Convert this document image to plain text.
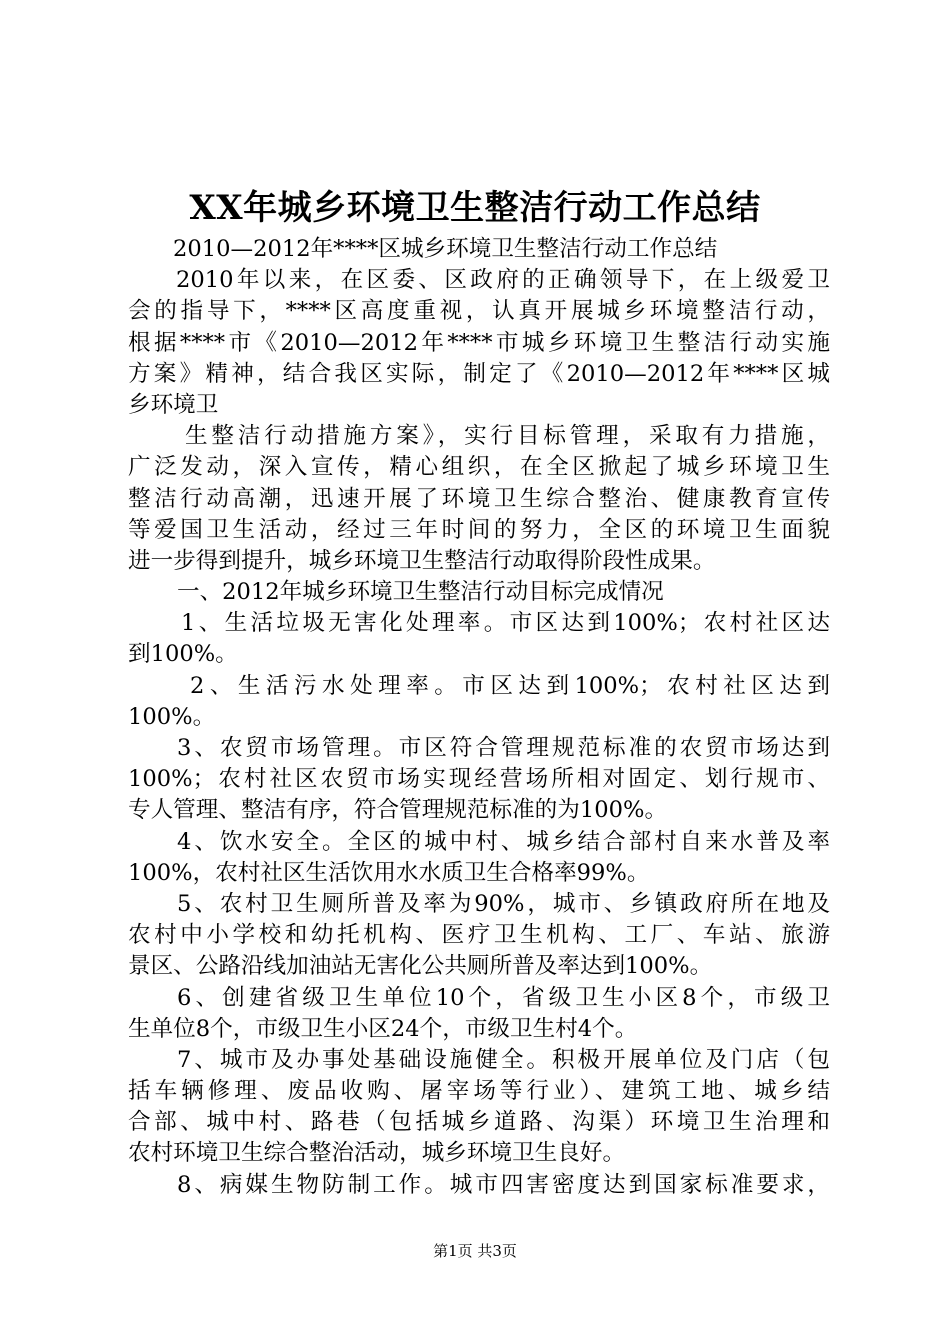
XX年城乡环境卫生整洁行动工作总结
2010—2012年****区城乡环境卫生整洁行动工作总结
2010年以来，在区委、区政府的正确领导下，在上级爱卫
会的指导下，****区高度重视，认真开展城乡环境整洁行动，
根据****市《2010—2012年****市城乡环境卫生整洁行动实施
方案》精神，结合我区实际，制定了《2010—2012年****区城
乡环境卫
生整洁行动措施方案》，实行目标管理，采取有力措施，
广泛发动，深入宣传，精心组织，在全区掀起了城乡环境卫生
整洁行动高潮，迅速开展了环境卫生综合整治、健康教育宣传
等爱国卫生活动，经过三年时间的努力，全区的环境卫生面貌
进一步得到提升，城乡环境卫生整洁行动取得阶段性成果。
一、2012年城乡环境卫生整洁行动目标完成情况
1、生活垃圾无害化处理率。市区达到100%；农村社区达
到100%。
2、生活污水处理率。市区达到100%；农村社区达到
100%。
3、农贸市场管理。市区符合管理规范标准的农贸市场达到
100%；农村社区农贸市场实现经营场所相对固定、划行规市、
专人管理、整洁有序，符合管理规范标准的为100%。
4、饮水安全。全区的城中村、城乡结合部村自来水普及率
100%，农村社区生活饮用水水质卫生合格率99%。
5、农村卫生厕所普及率为90%，城市、乡镇政府所在地及
农村中小学校和幼托机构、医疗卫生机构、工厂、车站、旅游
景区、公路沿线加油站无害化公共厕所普及率达到100%。
6、创建省级卫生单位10个，省级卫生小区8个，市级卫
生单位8个，市级卫生小区24个，市级卫生村4个。
7、城市及办事处基础设施健全。积极开展单位及门店（包
括车辆修理、废品收购、屠宰场等行业）、建筑工地、城乡结
合部、城中村、路巷（包括城乡道路、沟渠）环境卫生治理和
农村环境卫生综合整治活动，城乡环境卫生良好。
8、病媒生物防制工作。城市四害密度达到国家标准要求，
第1页 共3页
